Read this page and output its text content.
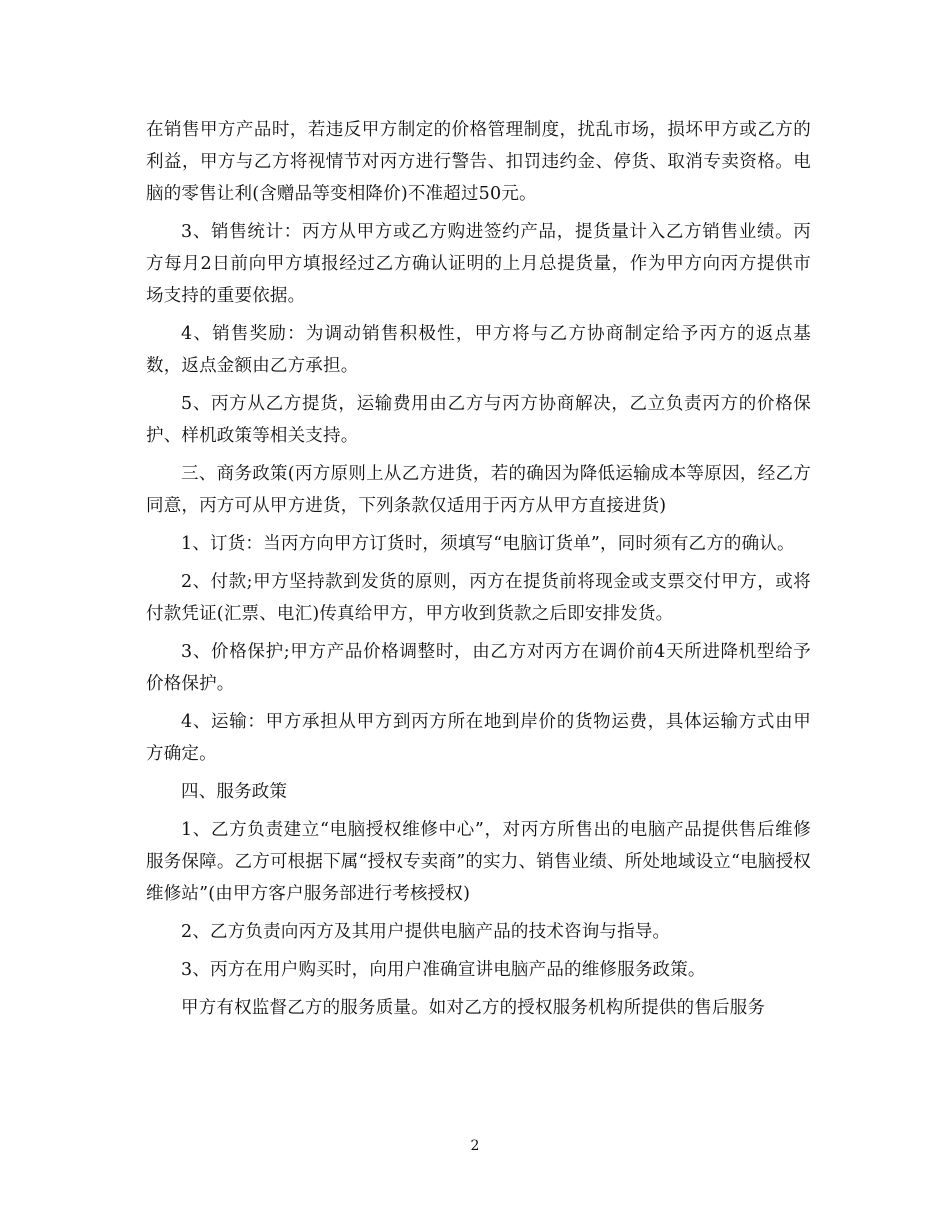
在销售甲方产品时，若违反甲方制定的价格管理制度，扰乱市场，损坏甲方或乙方的利益，甲方与乙方将视情节对丙方进行警告、扣罚违约金、停货、取消专卖资格。电脑的零售让利(含赠品等变相降价)不准超过50元。

3、销售统计：丙方从甲方或乙方购进签约产品，提货量计入乙方销售业绩。丙方每月2日前向甲方填报经过乙方确认证明的上月总提货量，作为甲方向丙方提供市场支持的重要依据。

4、销售奖励：为调动销售积极性，甲方将与乙方协商制定给予丙方的返点基数，返点金额由乙方承担。

5、丙方从乙方提货，运输费用由乙方与丙方协商解决，乙立负责丙方的价格保护、样机政策等相关支持。

三、商务政策(丙方原则上从乙方进货，若的确因为降低运输成本等原因，经乙方同意，丙方可从甲方进货，下列条款仅适用于丙方从甲方直接进货)

1、订货：当丙方向甲方订货时，须填写“电脑订货单”，同时须有乙方的确认。

2、付款;甲方坚持款到发货的原则，丙方在提货前将现金或支票交付甲方，或将付款凭证(汇票、电汇)传真给甲方，甲方收到货款之后即安排发货。

3、价格保护;甲方产品价格调整时，由乙方对丙方在调价前4天所进降机型给予价格保护。

4、运输：甲方承担从甲方到丙方所在地到岸价的货物运费，具体运输方式由甲方确定。

四、服务政策

1、乙方负责建立“电脑授权维修中心”，对丙方所售出的电脑产品提供售后维修服务保障。乙方可根据下属“授权专卖商”的实力、销售业绩、所处地域设立“电脑授权维修站”(由甲方客户服务部进行考核授权)

2、乙方负责向丙方及其用户提供电脑产品的技术咨询与指导。

3、丙方在用户购买时，向用户准确宣讲电脑产品的维修服务政策。

甲方有权监督乙方的服务质量。如对乙方的授权服务机构所提供的售后服务

2
